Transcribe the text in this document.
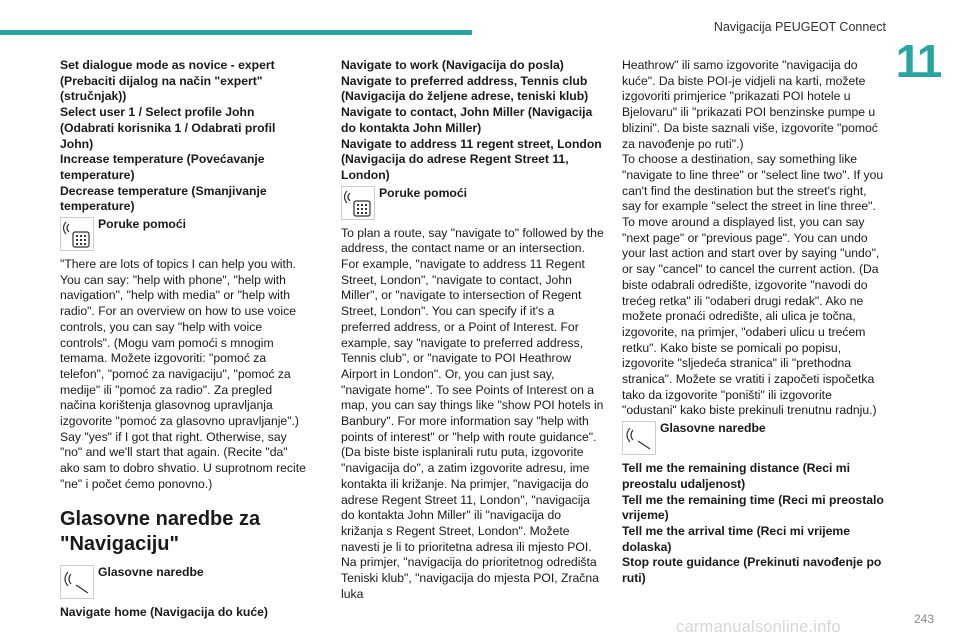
Navigacija PEUGEOT Connect
11
Set dialogue mode as novice - expert (Prebaciti dijalog na način "expert" (stručnjak))
Select user 1 / Select profile John (Odabrati korisnika 1 / Odabrati profil John)
Increase temperature (Povećavanje temperature)
Decrease temperature (Smanjivanje temperature)
Poruke pomoći
"There are lots of topics I can help you with. You can say: "help with phone", "help with navigation", "help with media" or "help with radio". For an overview on how to use voice controls, you can say "help with voice controls". (Mogu vam pomoći s mnogim temama. Možete izgovoriti: "pomoć za telefon", "pomoć za navigaciju", "pomoć za medije" ili "pomoć za radio". Za pregled načina korištenja glasovnog upravljanja izgovorite "pomoć za glasovno upravljanje".)
Say "yes" if I got that right. Otherwise, say "no" and we'll start that again. (Recite "da" ako sam to dobro shvatio. U suprotnom recite "ne" i počet ćemo ponovno.)
Glasovne naredbe za "Navigaciju"
Glasovne naredbe
Navigate home (Navigacija do kuće)
Navigate to work (Navigacija do posla)
Navigate to preferred address, Tennis club (Navigacija do željene adrese, teniski klub)
Navigate to contact, John Miller (Navigacija do kontakta John Miller)
Navigate to address 11 regent street, London (Navigacija do adrese Regent Street 11, London)
Poruke pomoći
To plan a route, say "navigate to" followed by the address, the contact name or an intersection. For example, "navigate to address 11 Regent Street, London", "navigate to contact, John Miller", or "navigate to intersection of Regent Street, London". You can specify if it's a preferred address, or a Point of Interest. For example, say "navigate to preferred address, Tennis club", or "navigate to POI Heathrow Airport in London". Or, you can just say, "navigate home". To see Points of Interest on a map, you can say things like "show POI hotels in Banbury". For more information say "help with points of interest" or "help with route guidance". (Da biste biste isplanirali rutu puta, izgovorite "navigacija do", a zatim izgovorite adresu, ime kontakta ili križanje. Na primjer, "navigacija do adrese Regent Street 11, London", "navigacija do kontakta John Miller" ili "navigacija do križanja s Regent Street, London". Možete navesti je li to prioritetna adresa ili mjesto POI. Na primjer, "navigacija do prioritetnog odredišta Teniski klub", "navigacija do mjesta POI, Zračna luka
Heathrow" ili samo izgovorite "navigacija do kuće". Da biste POI-je vidjeli na karti, možete izgovoriti primjerice "prikazati POI hotele u Bjelovaru" ili "prikazati POI benzinske pumpe u blizini". Da biste saznali više, izgovorite "pomoć za navođenje po ruti".)
To choose a destination, say something like "navigate to line three" or "select line two". If you can't find the destination but the street's right, say for example "select the street in line three". To move around a displayed list, you can say "next page" or "previous page". You can undo your last action and start over by saying "undo", or say "cancel" to cancel the current action. (Da biste odabrali odredište, izgovorite "navodi do trećeg retka" ili "odaberi drugi redak". Ako ne možete pronaći odredište, ali ulica je točna, izgovorite, na primjer, "odaberi ulicu u trećem retku". Kako biste se pomicali po popisu, izgovorite "sljedeća stranica" ili "prethodna stranica". Možete se vratiti i započeti ispočetka tako da izgovorite "poništi" ili izgovorite "odustani" kako biste prekinuli trenutnu radnju.)
Glasovne naredbe
Tell me the remaining distance (Reci mi preostalu udaljenost)
Tell me the remaining time (Reci mi preostalo vrijeme)
Tell me the arrival time (Reci mi vrijeme dolaska)
Stop route guidance (Prekinuti navođenje po ruti)
carmanualsonline.info	243
